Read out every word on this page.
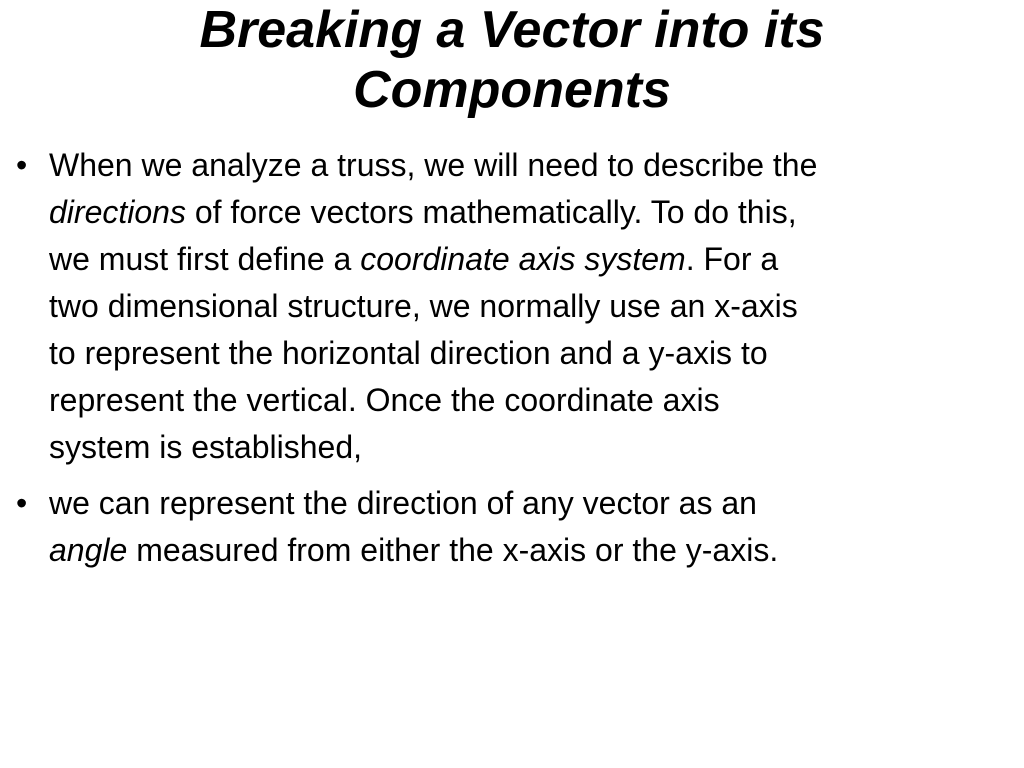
Breaking a Vector into its
Components
• When we analyze a truss, we will need to describe the
directions of force vectors mathematically. To do this,
we must first define a coordinate axis system. For a
two dimensional structure, we normally use an x-axis
to represent the horizontal direction and a y-axis to
represent the vertical. Once the coordinate axis
system is established,
• we can represent the direction of any vector as an
angle measured from either the x-axis or the y-axis.
